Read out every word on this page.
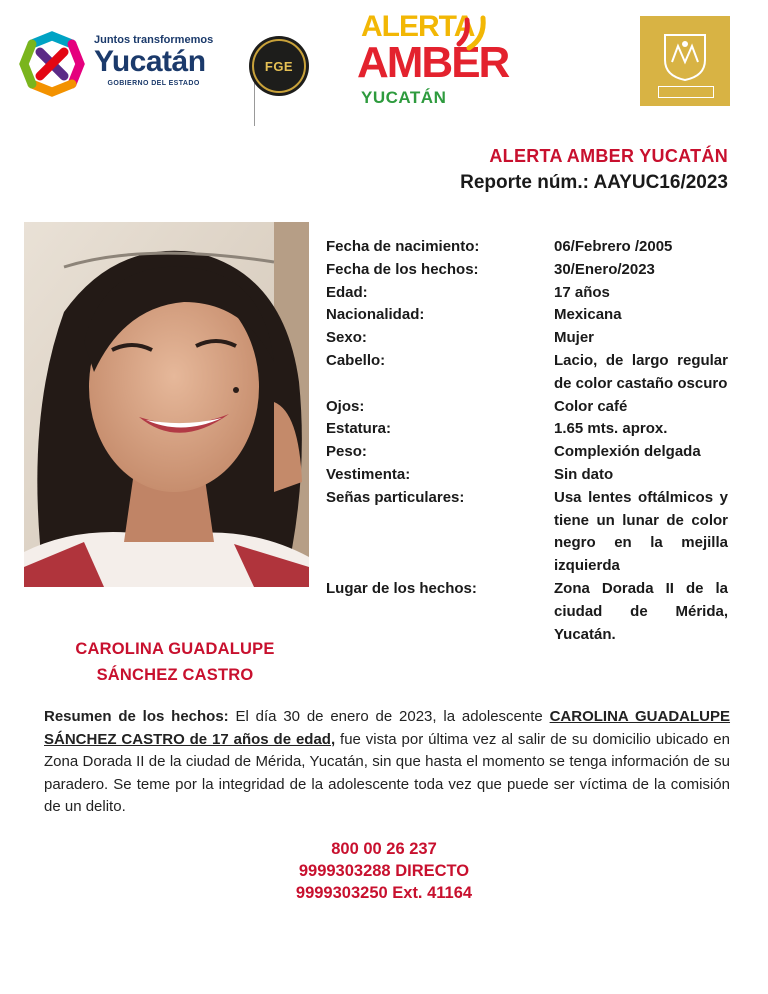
Juntos transformemos
Yucatán
GOBIERNO DEL ESTADO
FGE
ALERTA
AMBER
YUCATÁN
ALERTA AMBER YUCATÁN
Reporte núm.: AAYUC16/2023
Fecha de nacimiento:	06/Febrero /2005
Fecha de los hechos:	30/Enero/2023
Edad:	17 años
Nacionalidad:	Mexicana
Sexo:	Mujer
Cabello:	Lacio, de largo regular de color castaño oscuro
Ojos:	Color café
Estatura:	1.65 mts. aprox.
Peso:	Complexión delgada
Vestimenta:	Sin dato
Señas particulares:	Usa lentes oftálmicos y tiene un lunar de color negro en la mejilla izquierda
Lugar de los hechos:	Zona Dorada II de la ciudad de Mérida, Yucatán.
CAROLINA GUADALUPE
SÁNCHEZ CASTRO
Resumen de los hechos: El día 30 de enero de 2023, la adolescente CAROLINA GUADALUPE SÁNCHEZ CASTRO de 17 años de edad, fue vista por última vez al salir de su domicilio ubicado en Zona Dorada II de la ciudad de Mérida, Yucatán, sin que hasta el momento se tenga información de su paradero. Se teme por la integridad de la adolescente toda vez que puede ser víctima de la comisión de un delito.
800 00 26 237
9999303288 DIRECTO
9999303250 Ext. 41164
